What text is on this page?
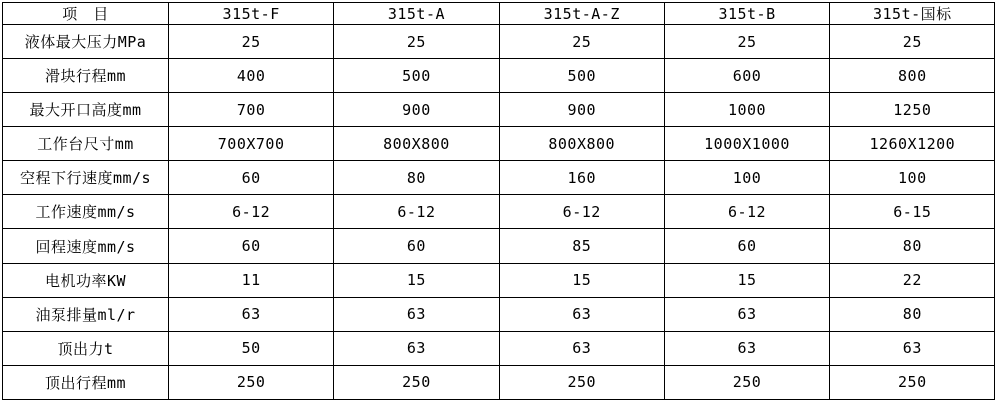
项　目	315t-F	315t-A	315t-A-Z	315t-B	315t-国标
液体最大压力MPa	25	25	25	25	25
滑块行程mm	400	500	500	600	800
最大开口高度mm	700	900	900	1000	1250
工作台尺寸mm	700X700	800X800	800X800	1000X1000	1260X1200
空程下行速度mm/s	60	80	160	100	100
工作速度mm/s	6-12	6-12	6-12	6-12	6-15
回程速度mm/s	60	60	85	60	80
电机功率KW	11	15	15	15	22
油泵排量ml/r	63	63	63	63	80
顶出力t	50	63	63	63	63
顶出行程mm	250	250	250	250	250
